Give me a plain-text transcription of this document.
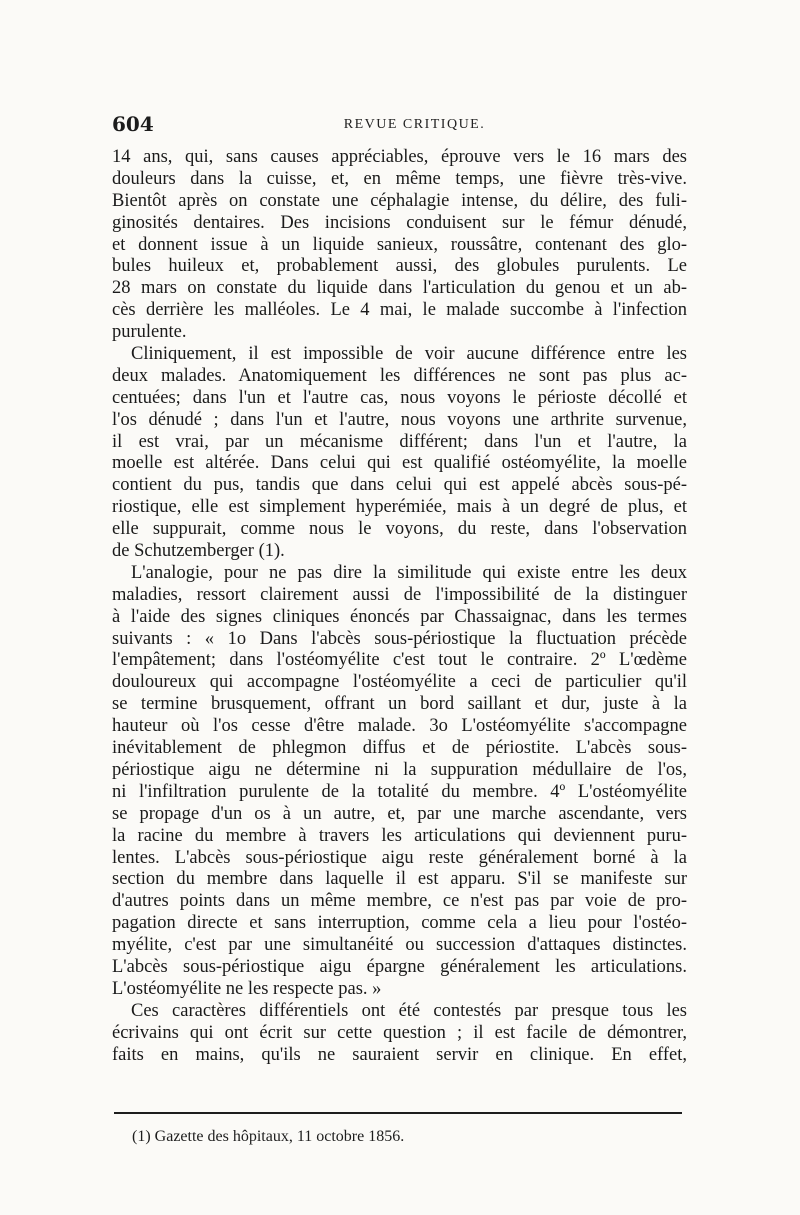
604	REVUE CRITIQUE.
14 ans, qui, sans causes appréciables, éprouve vers le 16 mars des
douleurs dans la cuisse, et, en même temps, une fièvre très-vive.
Bientôt après on constate une céphalagie intense, du délire, des fuli-
ginosités dentaires. Des incisions conduisent sur le fémur dénudé,
et donnent issue à un liquide sanieux, roussâtre, contenant des glo-
bules huileux et, probablement aussi, des globules purulents. Le
28 mars on constate du liquide dans l'articulation du genou et un ab-
cès derrière les malléoles. Le 4 mai, le malade succombe à l'infection
purulente.
Cliniquement, il est impossible de voir aucune différence entre les
deux malades. Anatomiquement les différences ne sont pas plus ac-
centuées; dans l'un et l'autre cas, nous voyons le périoste décollé et
l'os dénudé ; dans l'un et l'autre, nous voyons une arthrite survenue,
il est vrai, par un mécanisme différent; dans l'un et l'autre, la
moelle est altérée. Dans celui qui est qualifié ostéomyélite, la moelle
contient du pus, tandis que dans celui qui est appelé abcès sous-pé-
riostique, elle est simplement hyperémiée, mais à un degré de plus, et
elle suppurait, comme nous le voyons, du reste, dans l'observation
de Schutzemberger (1).
L'analogie, pour ne pas dire la similitude qui existe entre les deux
maladies, ressort clairement aussi de l'impossibilité de la distinguer
à l'aide des signes cliniques énoncés par Chassaignac, dans les termes
suivants : « 1o Dans l'abcès sous-périostique la fluctuation précède
l'empâtement; dans l'ostéomyélite c'est tout le contraire. 2º L'œdème
douloureux qui accompagne l'ostéomyélite a ceci de particulier qu'il
se termine brusquement, offrant un bord saillant et dur, juste à la
hauteur où l'os cesse d'être malade. 3o L'ostéomyélite s'accompagne
inévitablement de phlegmon diffus et de périostite. L'abcès sous-
périostique aigu ne détermine ni la suppuration médullaire de l'os,
ni l'infiltration purulente de la totalité du membre. 4º L'ostéomyélite
se propage d'un os à un autre, et, par une marche ascendante, vers
la racine du membre à travers les articulations qui deviennent puru-
lentes. L'abcès sous-périostique aigu reste généralement borné à la
section du membre dans laquelle il est apparu. S'il se manifeste sur
d'autres points dans un même membre, ce n'est pas par voie de pro-
pagation directe et sans interruption, comme cela a lieu pour l'ostéo-
myélite, c'est par une simultanéité ou succession d'attaques distinctes.
L'abcès sous-périostique aigu épargne généralement les articulations.
L'ostéomyélite ne les respecte pas. »
Ces caractères différentiels ont été contestés par presque tous les
écrivains qui ont écrit sur cette question ; il est facile de démontrer,
faits en mains, qu'ils ne sauraient servir en clinique. En effet,
(1) Gazette des hôpitaux, 11 octobre 1856.
